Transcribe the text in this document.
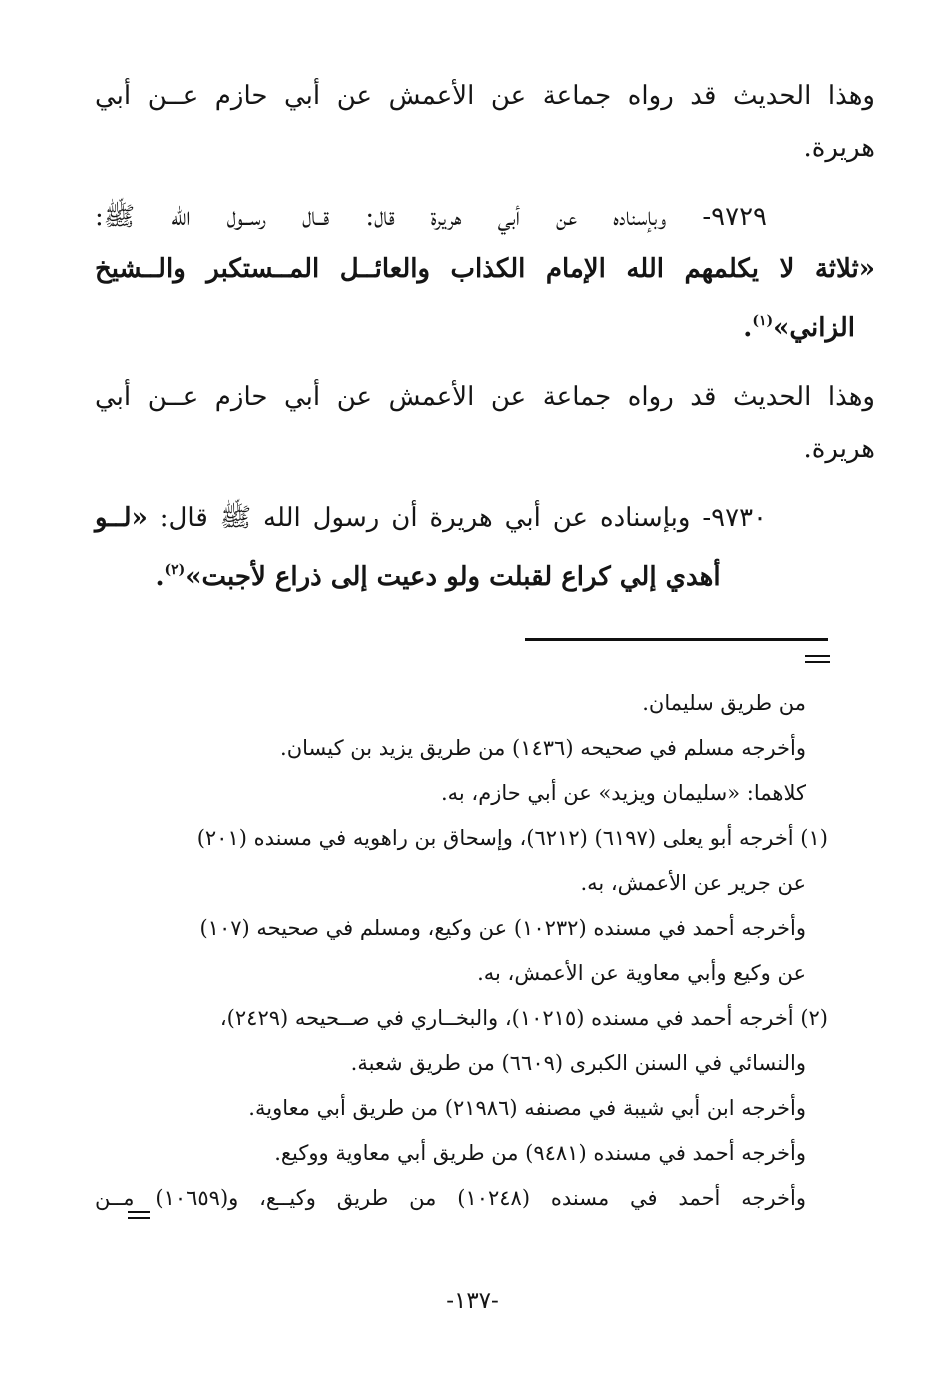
وهذا الحديث قد رواه جماعة عن الأعمش عن أبي حازم عــن أبي
هريرة.
٩٧٢٩- وبإسناده عن أبي هريرة قال: قــال رســول الله ﷺ:
«ثلاثة لا يكلمهم الله الإمام الكذاب والعائــل المــستكبر والــشيخ
الزاني»$^{(١)}$.
وهذا الحديث قد رواه جماعة عن الأعمش عن أبي حازم عــن أبي
هريرة.
٩٧٣٠- وبإسناده عن أبي هريرة أن رسول الله ﷺ قال: «لــو
أهدي إلي كراع لقبلت ولو دعيت إلى ذراع لأجبت»$^{(٢)}$.
من طريق سليمان.
وأخرجه مسلم في صحيحه (١٤٣٦) من طريق يزيد بن كيسان.
كلاهما: «سليمان ويزيد» عن أبي حازم، به.
(١) أخرجه أبو يعلى (٦١٩٧) (٦٢١٢)، وإسحاق بن راهويه في مسنده (٢٠١)
عن جرير عن الأعمش، به.
وأخرجه أحمد في مسنده (١٠٢٣٢) عن وكيع، ومسلم في صحيحه (١٠٧)
عن وكيع وأبي معاوية عن الأعمش، به.
(٢) أخرجه أحمد في مسنده (١٠٢١٥)، والبخــاري في صــحيحه (٢٤٢٩)،
والنسائي في السنن الكبرى (٦٦٠٩) من طريق شعبة.
وأخرجه ابن أبي شيبة في مصنفه (٢١٩٨٦) من طريق أبي معاوية.
وأخرجه أحمد في مسنده (٩٤٨١) من طريق أبي معاوية ووكيع.
وأخرجه أحمد في مسنده (١٠٢٤٨) من طريق وكيــع، و(١٠٦٥٩) مــن
-١٣٧-
